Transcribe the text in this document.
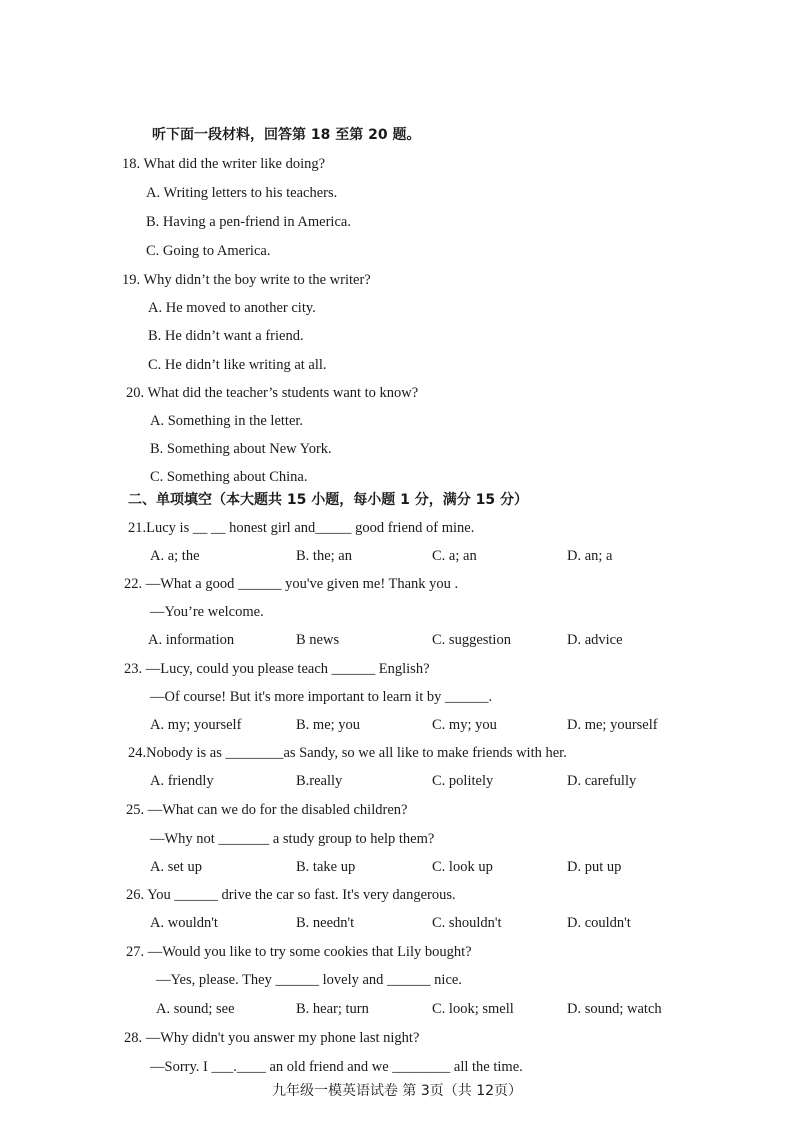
听下面一段材料，回答第 18 至第 20 题。
18. What did the writer like doing?
A. Writing letters to his teachers.
B. Having a pen-friend in America.
C. Going to America.
19. Why didn’t the boy write to the writer?
A. He moved to another city.
B. He didn’t want a friend.
C. He didn’t like writing at all.
20. What did the teacher’s students want to know?
A. Something in the letter.
B. Something about New York.
C. Something about China.
二、单项填空（本大题共 15 小题，每小题 1 分，满分 15 分）
21.Lucy is __ __ honest girl and_____ good friend of mine.
A. a; the	B. the; an	C. a; an	D. an; a
22. —What a good ______ you've given me! Thank you .
—You’re welcome.
A. information	B news	C. suggestion	D. advice
23. —Lucy, could you please teach ______ English?
—Of course! But it's more important to learn it by ______.
A. my; yourself	B. me; you	C. my; you	D. me; yourself
24.Nobody is as ________as Sandy, so we all like to make friends with her.
A. friendly	B.really	C. politely	D. carefully
25. —What can we do for the disabled children?
—Why not _______ a study group to help them?
A. set up	B. take up	C. look up	D. put up
26. You ______ drive the car so fast. It's very dangerous.
A. wouldn't	B. needn't	C. shouldn't	D. couldn't
27. —Would you like to try some cookies that Lily bought?
—Yes, please. They ______ lovely and ______ nice.
A. sound; see	B. hear; turn	C. look; smell	D. sound; watch
28. —Why didn't you answer my phone last night?
—Sorry. I ___.____ an old friend and we ________ all the time.
九年级一模英语试卷 第 3页（共 12页）
